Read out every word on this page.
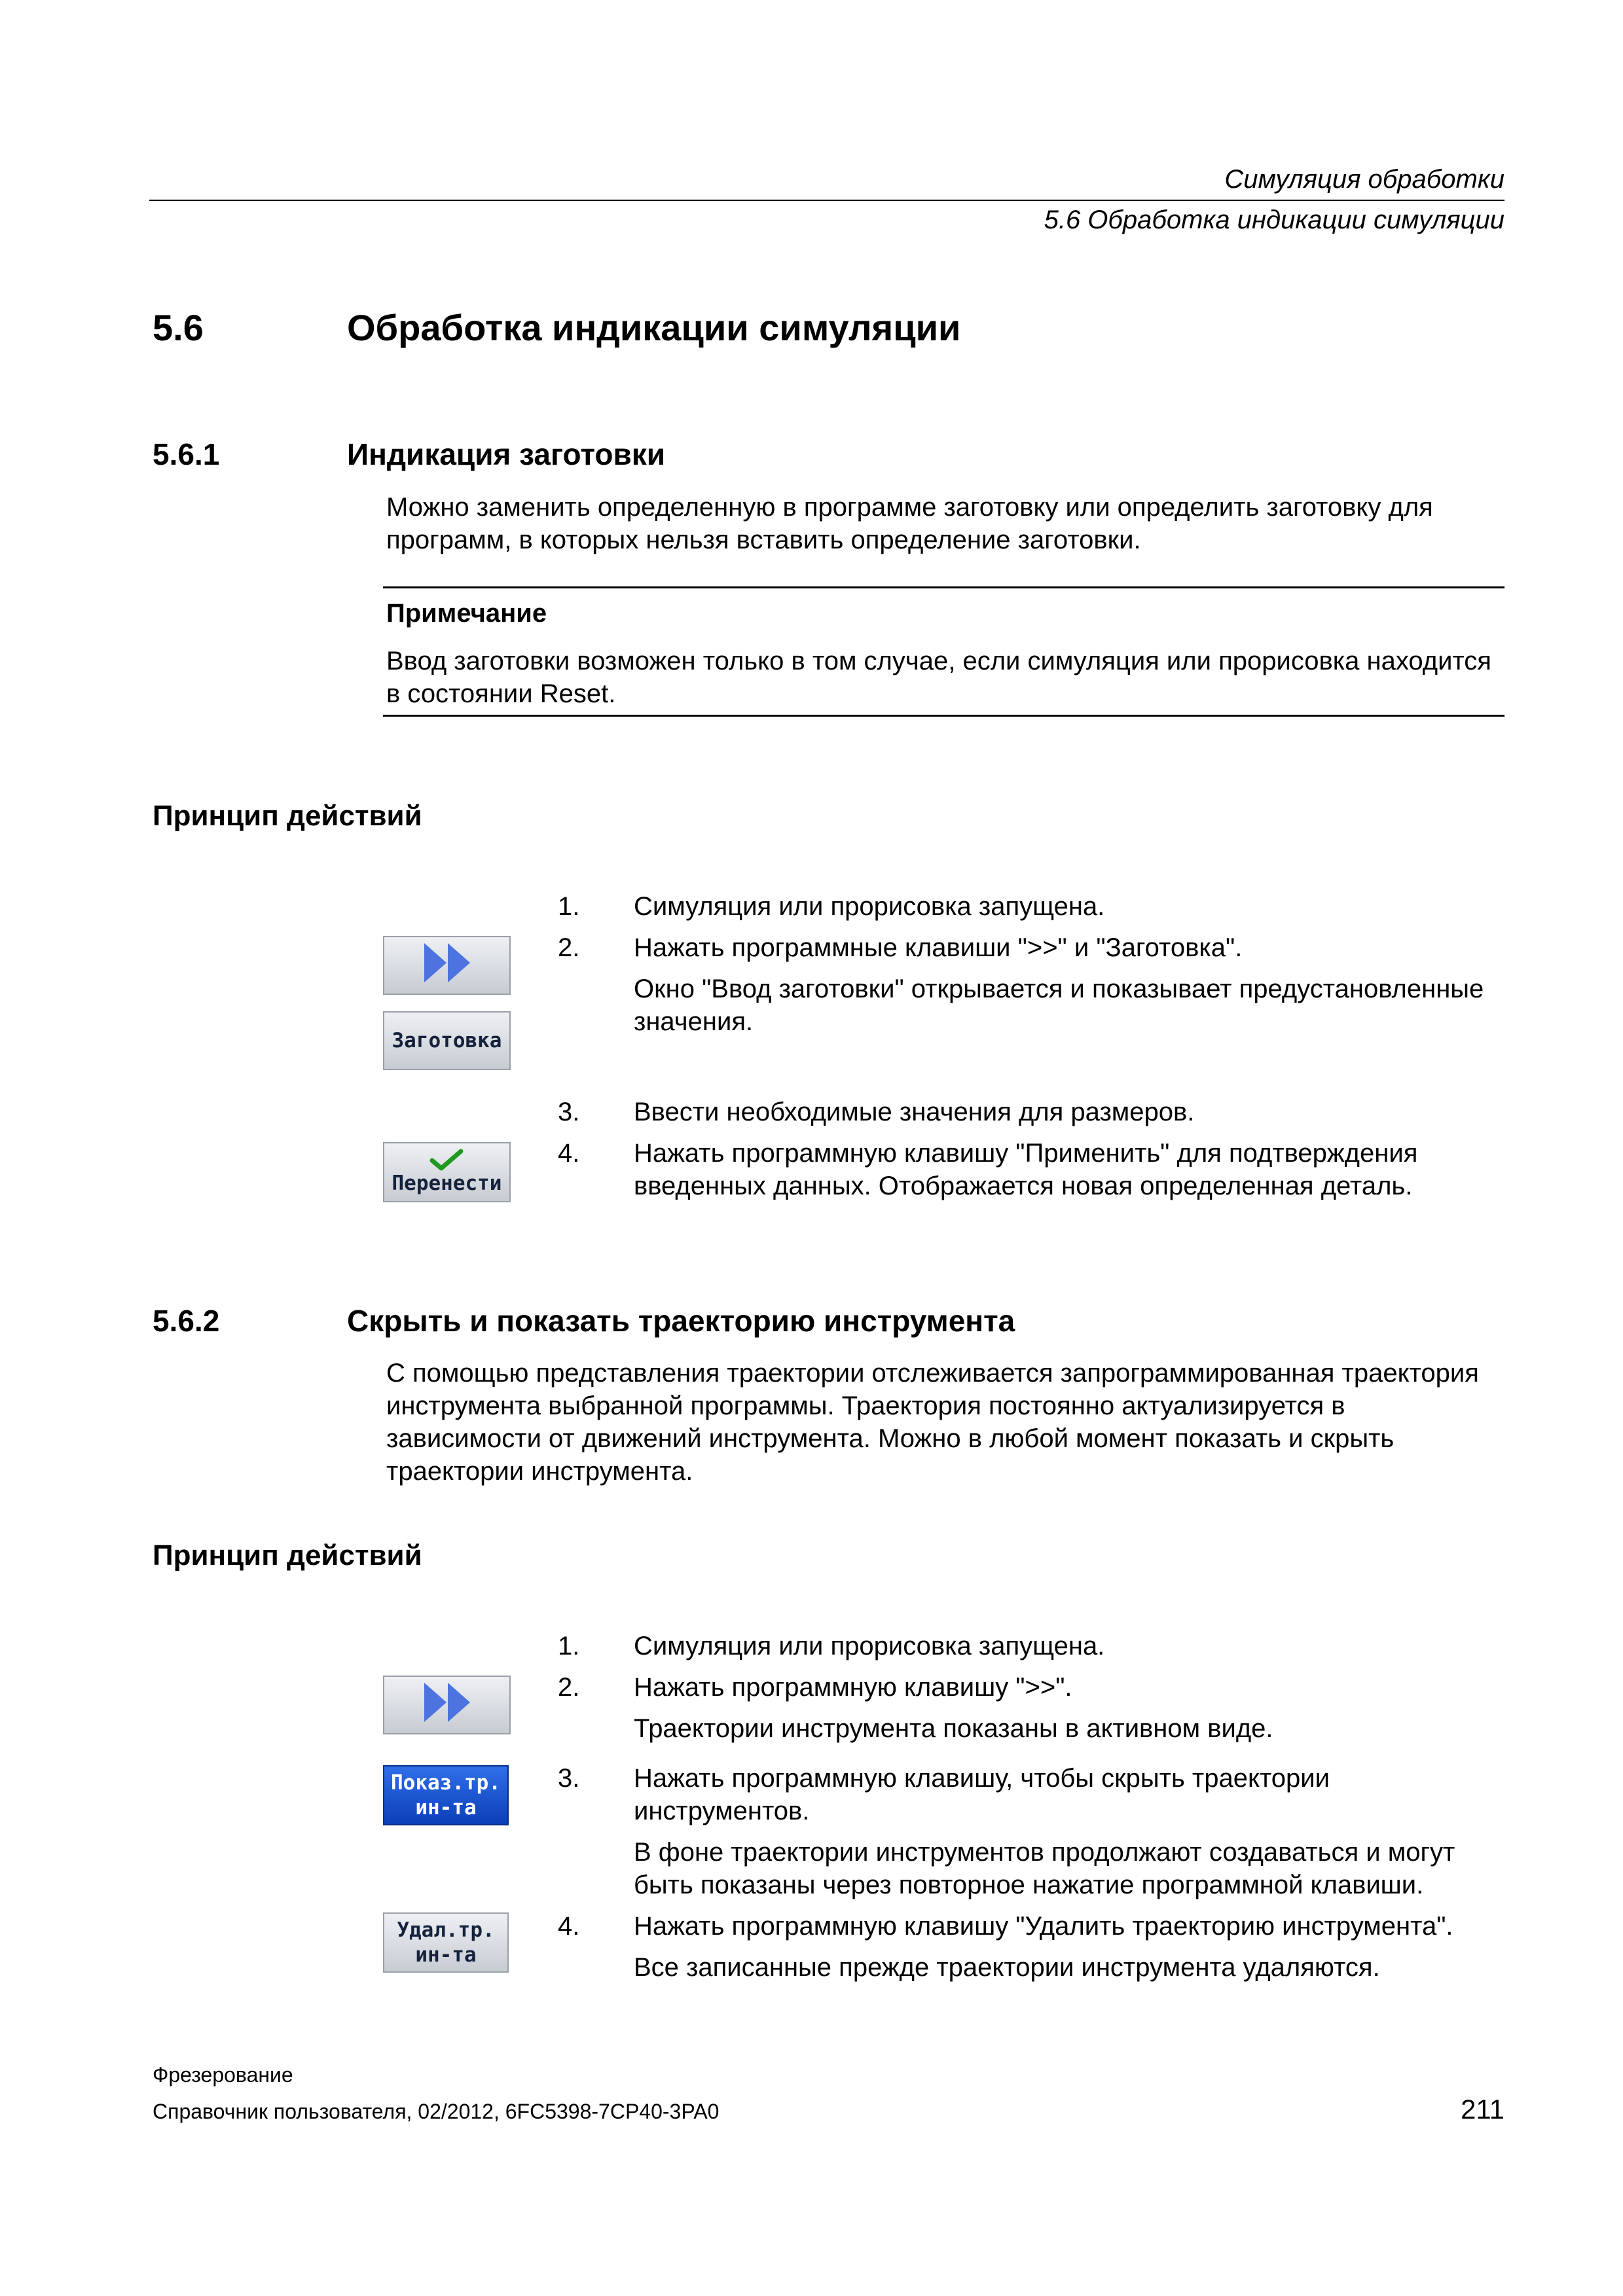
Симуляция обработки
5.6 Обработка индикации симуляции
5.6	Обработка индикации симуляции
5.6.1	Индикация заготовки
Можно заменить определенную в программе заготовку или определить заготовку для программ, в которых нельзя вставить определение заготовки.
Примечание
Ввод заготовки возможен только в том случае, если симуляция или прорисовка находится в состоянии Reset.
Принцип действий
1.	Симуляция или прорисовка запущена.
2.	Нажать программные клавиши ">>" и "Заготовка".
Окно "Ввод заготовки" открывается и показывает предустановленные значения.
3.	Ввести необходимые значения для размеров.
4.	Нажать программную клавишу "Применить" для подтверждения введенных данных. Отображается новая определенная деталь.
Заготовка
Перенести
5.6.2	Скрыть и показать траекторию инструмента
С помощью представления траектории отслеживается запрограммированная траектория инструмента выбранной программы. Траектория постоянно актуализируется в зависимости от движений инструмента. Можно в любой момент показать и скрыть траектории инструмента.
Принцип действий
1.	Симуляция или прорисовка запущена.
2.	Нажать программную клавишу ">>".
Траектории инструмента показаны в активном виде.
3.	Нажать программную клавишу, чтобы скрыть траектории инструментов.
В фоне траектории инструментов продолжают создаваться и могут быть показаны через повторное нажатие программной клавиши.
4.	Нажать программную клавишу "Удалить траекторию инструмента".
Все записанные прежде траектории инструмента удаляются.
Показ.тр.
ин-та
Удал.тр.
ин-та
Фрезерование
Справочник пользователя, 02/2012, 6FC5398-7CP40-3PA0	211
